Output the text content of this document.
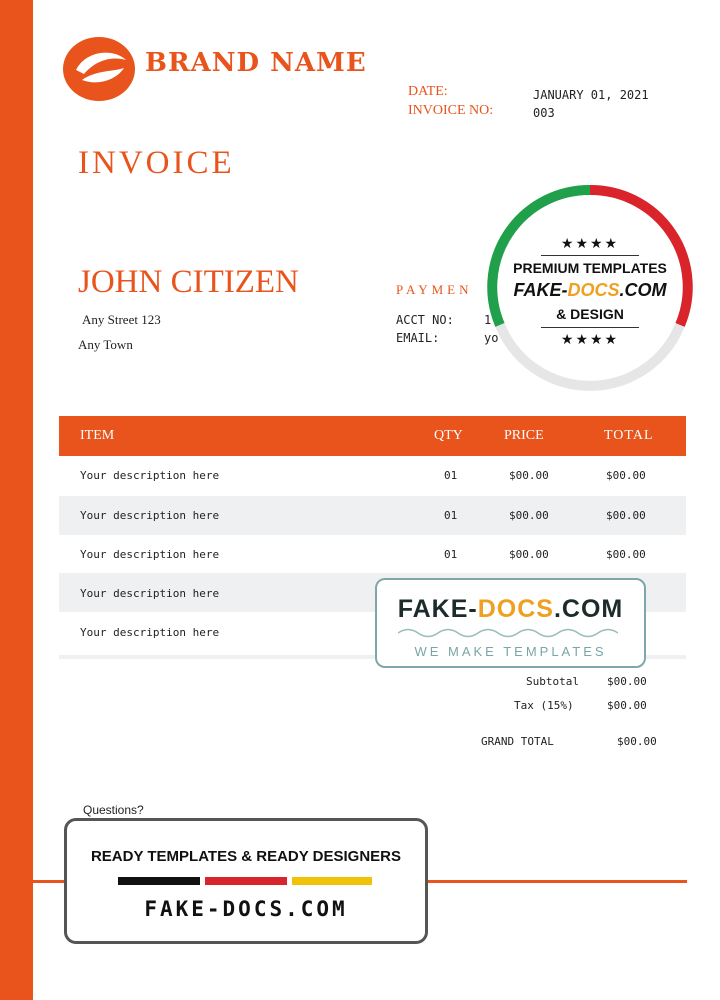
BRAND NAME
DATE:	JANUARY 01, 2021
INVOICE NO:	003
INVOICE
JOHN CITIZEN
Any Street 123
Any Town
PAYMEN
ACCT NO:	1
EMAIL:	yo
★★★★
PREMIUM TEMPLATES
FAKE-DOCS.COM
& DESIGN
★★★★
ITEM	QTY	PRICE	TOTAL
Your description here	01	$00.00	$00.00
Your description here	01	$00.00	$00.00
Your description here	01	$00.00	$00.00
Your description here
Your description here
FAKE-DOCS.COM
WE MAKE TEMPLATES
Subtotal	$00.00
Tax (15%)	$00.00
GRAND TOTAL	$00.00
Questions?
READY TEMPLATES & READY DESIGNERS
FAKE-DOCS.COM
